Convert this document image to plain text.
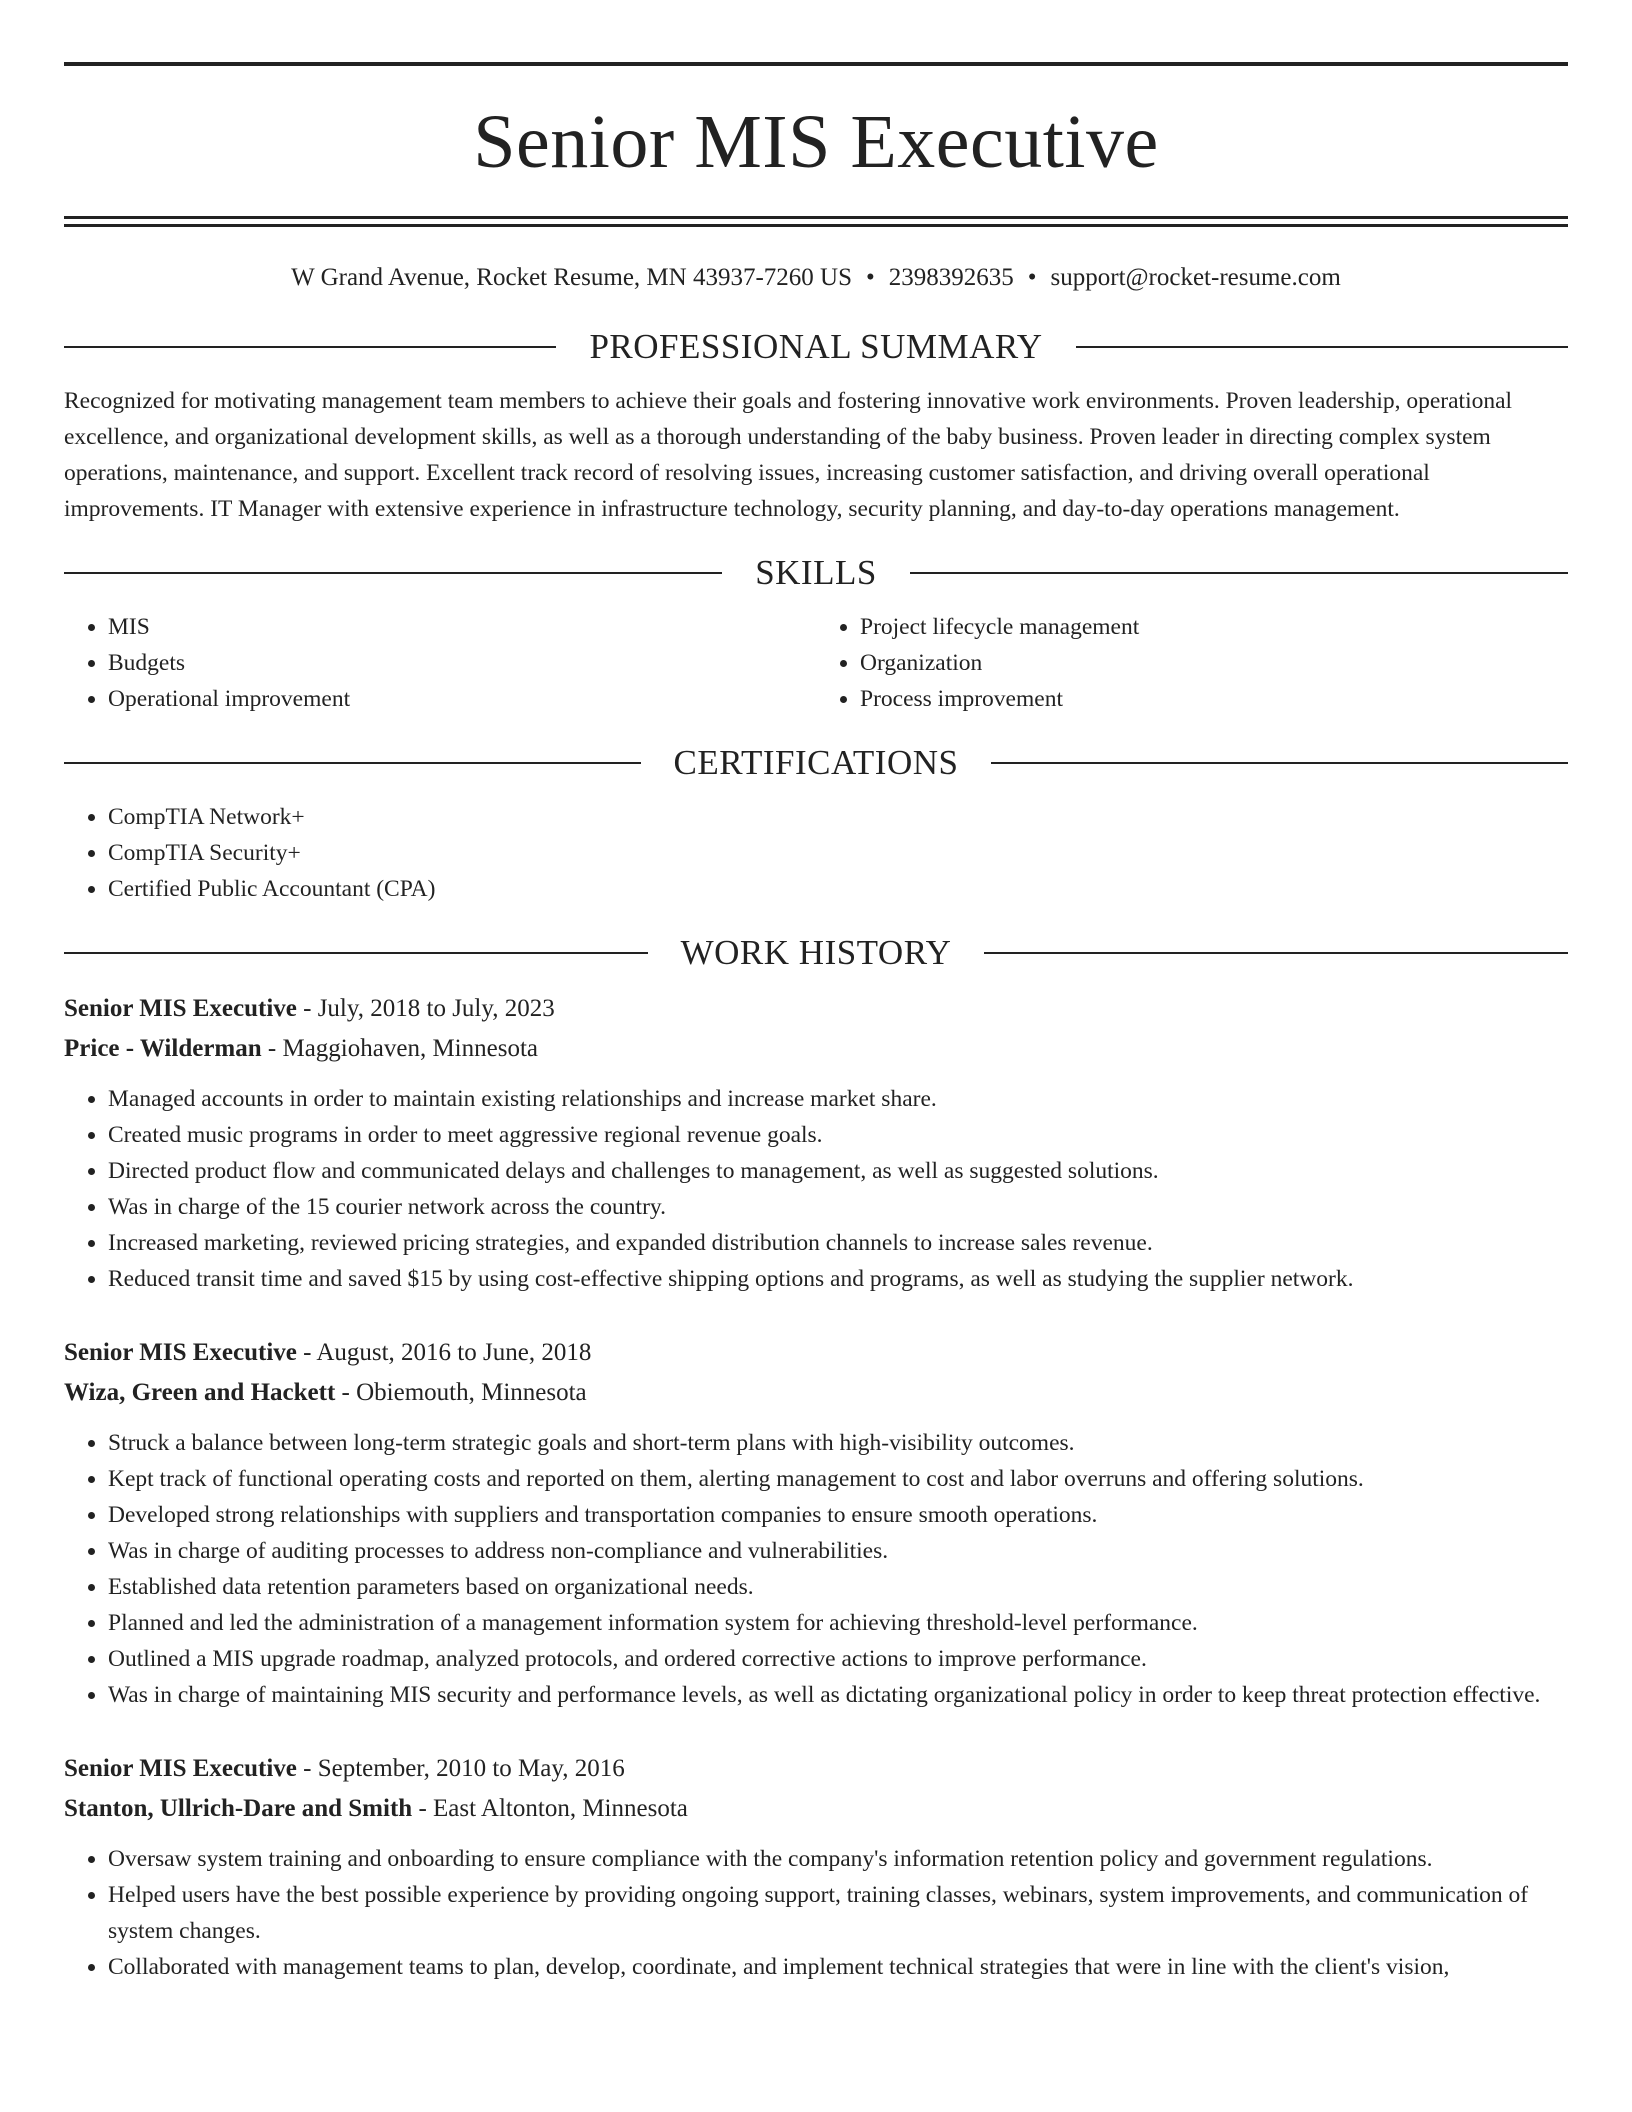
Senior MIS Executive
W Grand Avenue, Rocket Resume, MN 43937-7260 US • 2398392635 • support@rocket-resume.com
PROFESSIONAL SUMMARY

Recognized for motivating management team members to achieve their goals and fostering innovative work environments. Proven leadership, operational excellence, and organizational development skills, as well as a thorough understanding of the baby business. Proven leader in directing complex system operations, maintenance, and support. Excellent track record of resolving issues, increasing customer satisfaction, and driving overall operational improvements. IT Manager with extensive experience in infrastructure technology, security planning, and day-to-day operations management.

SKILLS
• MIS
• Budgets
• Operational improvement
• Project lifecycle management
• Organization
• Process improvement
CERTIFICATIONS
• CompTIA Network+
• CompTIA Security+
• Certified Public Accountant (CPA)
WORK HISTORY
Senior MIS Executive - July, 2018 to July, 2023
Price - Wilderman - Maggiohaven, Minnesota
• Managed accounts in order to maintain existing relationships and increase market share.
• Created music programs in order to meet aggressive regional revenue goals.
• Directed product flow and communicated delays and challenges to management, as well as suggested solutions.
• Was in charge of the 15 courier network across the country.
• Increased marketing, reviewed pricing strategies, and expanded distribution channels to increase sales revenue.
• Reduced transit time and saved $15 by using cost-effective shipping options and programs, as well as studying the supplier network.
Senior MIS Executive - August, 2016 to June, 2018
Wiza, Green and Hackett - Obiemouth, Minnesota
• Struck a balance between long-term strategic goals and short-term plans with high-visibility outcomes.
• Kept track of functional operating costs and reported on them, alerting management to cost and labor overruns and offering solutions.
• Developed strong relationships with suppliers and transportation companies to ensure smooth operations.
• Was in charge of auditing processes to address non-compliance and vulnerabilities.
• Established data retention parameters based on organizational needs.
• Planned and led the administration of a management information system for achieving threshold-level performance.
• Outlined a MIS upgrade roadmap, analyzed protocols, and ordered corrective actions to improve performance.
• Was in charge of maintaining MIS security and performance levels, as well as dictating organizational policy in order to keep threat protection effective.
Senior MIS Executive - September, 2010 to May, 2016
Stanton, Ullrich-Dare and Smith - East Altonton, Minnesota
• Oversaw system training and onboarding to ensure compliance with the company's information retention policy and government regulations.
• Helped users have the best possible experience by providing ongoing support, training classes, webinars, system improvements, and communication of system changes.
• Collaborated with management teams to plan, develop, coordinate, and implement technical strategies that were in line with the client's vision,
